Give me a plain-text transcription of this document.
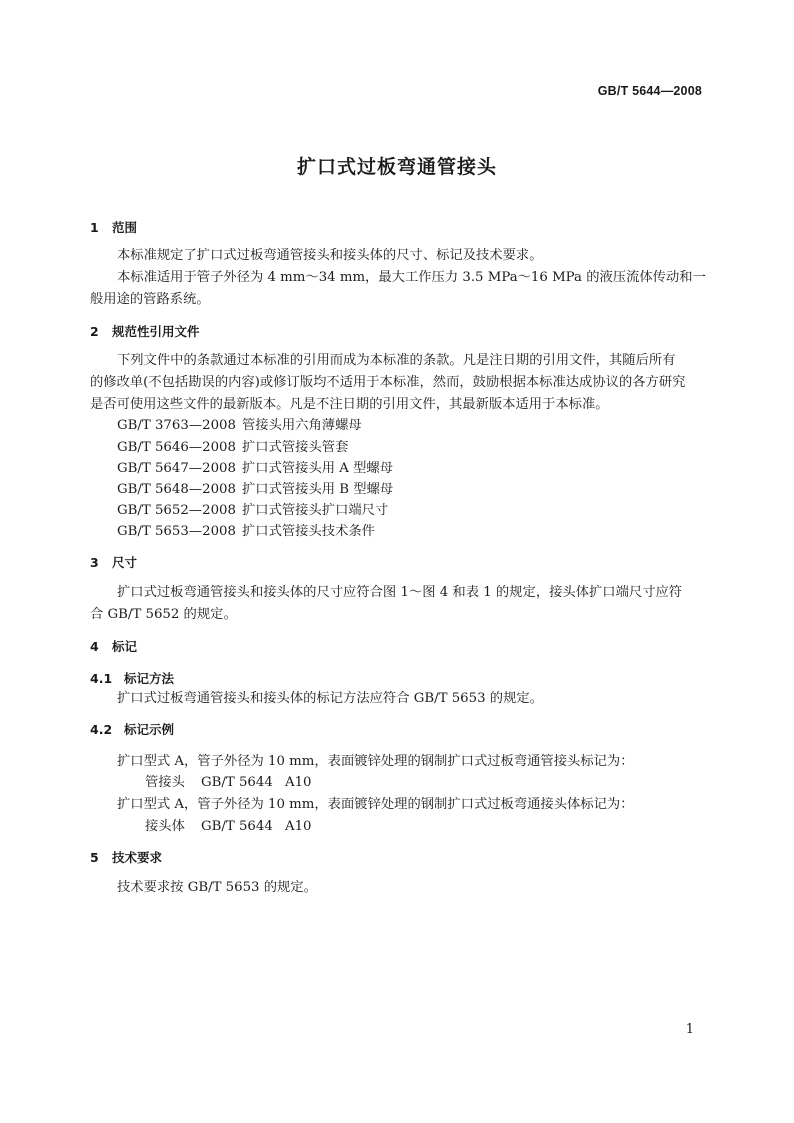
GB/T 5644—2008
扩口式过板弯通管接头
1 范围
本标准规定了扩口式过板弯通管接头和接头体的尺寸、标记及技术要求。
本标准适用于管子外径为 4 mm～34 mm，最大工作压力 3.5 MPa～16 MPa 的液压流体传动和一
般用途的管路系统。
2 规范性引用文件
下列文件中的条款通过本标准的引用而成为本标准的条款。凡是注日期的引用文件，其随后所有
的修改单(不包括勘误的内容)或修订版均不适用于本标准，然而，鼓励根据本标准达成协议的各方研究
是否可使用这些文件的最新版本。凡是不注日期的引用文件，其最新版本适用于本标准。
GB/T 3763—2008 管接头用六角薄螺母
GB/T 5646—2008 扩口式管接头管套
GB/T 5647—2008 扩口式管接头用 A 型螺母
GB/T 5648—2008 扩口式管接头用 B 型螺母
GB/T 5652—2008 扩口式管接头扩口端尺寸
GB/T 5653—2008 扩口式管接头技术条件
3 尺寸
扩口式过板弯通管接头和接头体的尺寸应符合图 1～图 4 和表 1 的规定，接头体扩口端尺寸应符
合 GB/T 5652 的规定。
4 标记
4.1 标记方法
扩口式过板弯通管接头和接头体的标记方法应符合 GB/T 5653 的规定。
4.2 标记示例
扩口型式 A，管子外径为 10 mm，表面镀锌处理的钢制扩口式过板弯通管接头标记为：
管接头 GB/T 5644 A10
扩口型式 A，管子外径为 10 mm，表面镀锌处理的钢制扩口式过板弯通接头体标记为：
接头体 GB/T 5644 A10
5 技术要求
技术要求按 GB/T 5653 的规定。
1
